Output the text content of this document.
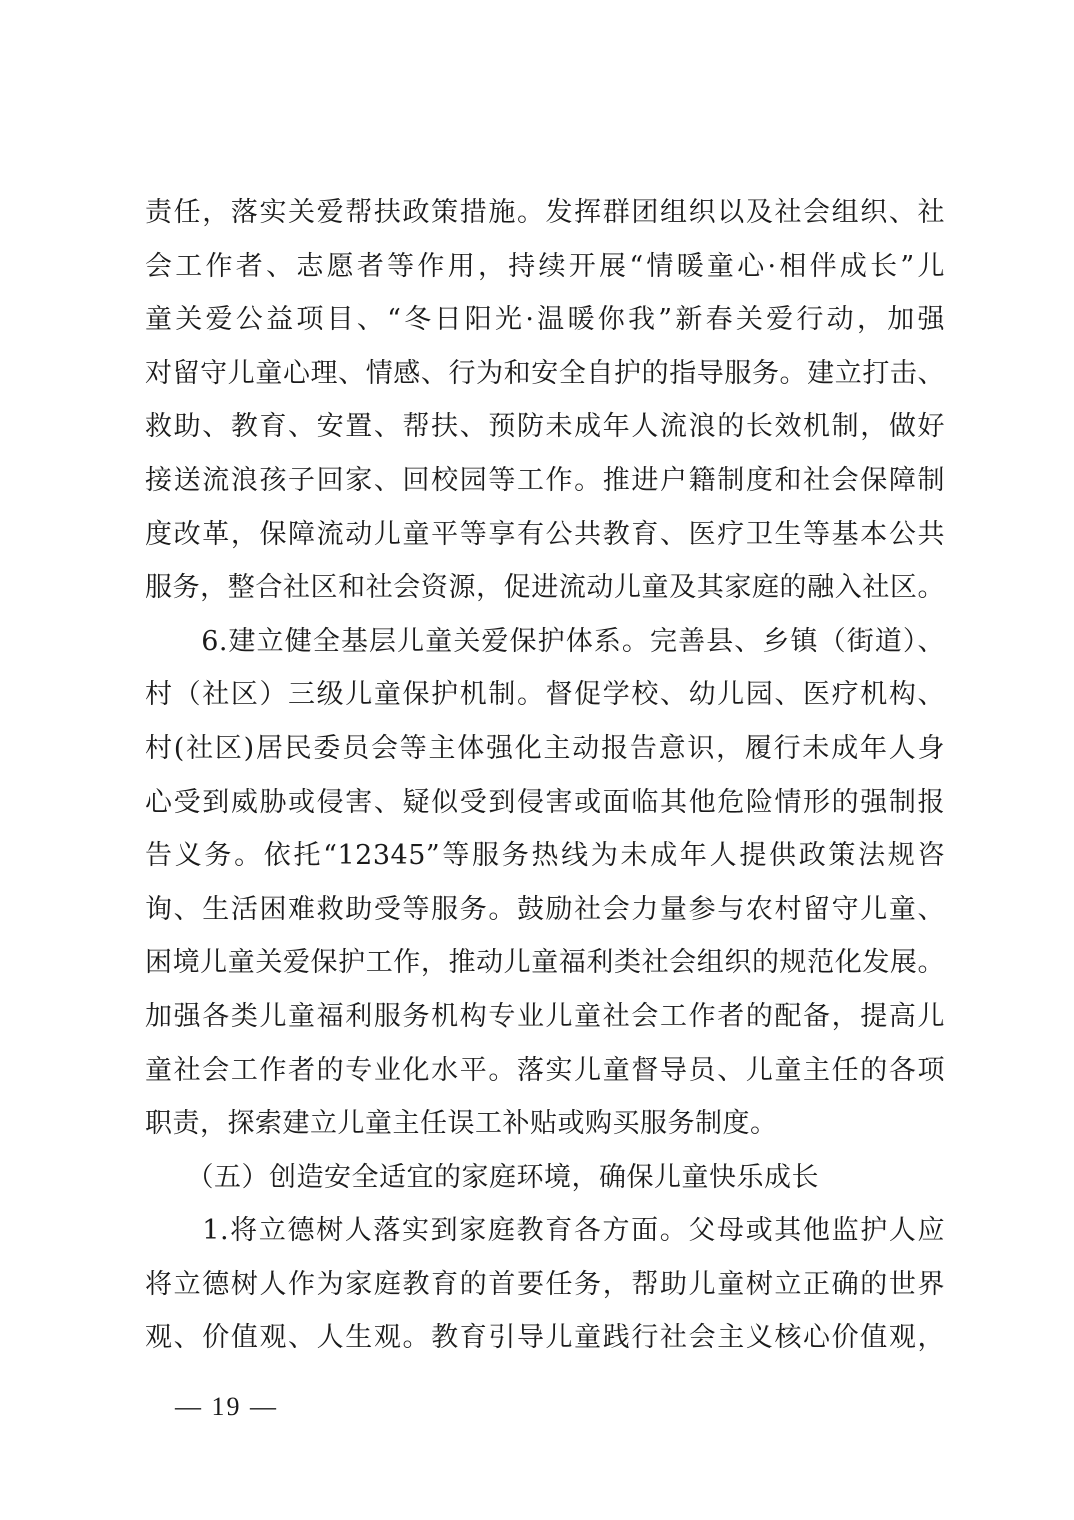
责任，落实关爱帮扶政策措施。发挥群团组织以及社会组织、社
会工作者、志愿者等作用，持续开展“情暖童心·相伴成长”儿
童关爱公益项目、“冬日阳光·温暖你我”新春关爱行动，加强
对留守儿童心理、情感、行为和安全自护的指导服务。建立打击、
救助、教育、安置、帮扶、预防未成年人流浪的长效机制，做好
接送流浪孩子回家、回校园等工作。推进户籍制度和社会保障制
度改革，保障流动儿童平等享有公共教育、医疗卫生等基本公共
服务，整合社区和社会资源，促进流动儿童及其家庭的融入社区。
　　6.建立健全基层儿童关爱保护体系。完善县、乡镇（街道）、
村（社区）三级儿童保护机制。督促学校、幼儿园、医疗机构、
村(社区)居民委员会等主体强化主动报告意识，履行未成年人身
心受到威胁或侵害、疑似受到侵害或面临其他危险情形的强制报
告义务。依托“12345”等服务热线为未成年人提供政策法规咨
询、生活困难救助受等服务。鼓励社会力量参与农村留守儿童、
困境儿童关爱保护工作，推动儿童福利类社会组织的规范化发展。
加强各类儿童福利服务机构专业儿童社会工作者的配备，提高儿
童社会工作者的专业化水平。落实儿童督导员、儿童主任的各项
职责，探索建立儿童主任误工补贴或购买服务制度。
　　（五）创造安全适宜的家庭环境，确保儿童快乐成长
　　1.将立德树人落实到家庭教育各方面。父母或其他监护人应
将立德树人作为家庭教育的首要任务，帮助儿童树立正确的世界
观、价值观、人生观。教育引导儿童践行社会主义核心价值观，
— 19 —
